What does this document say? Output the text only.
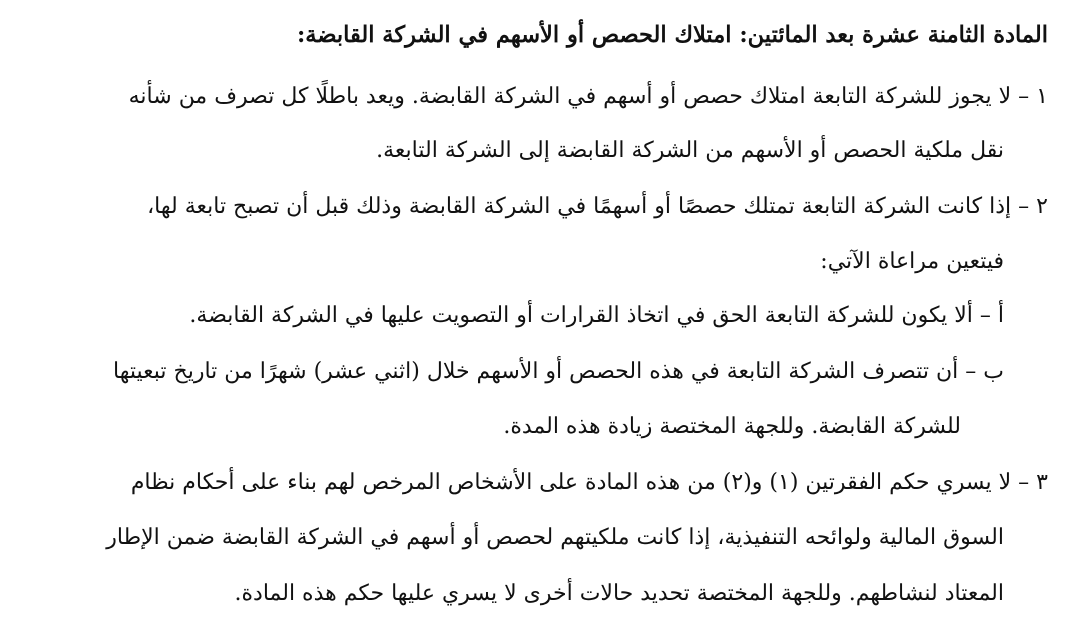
المادة الثامنة عشرة بعد المائتين: امتلاك الحصص أو الأسهم في الشركة القابضة:
١ – لا يجوز للشركة التابعة امتلاك حصص أو أسهم في الشركة القابضة. ويعد باطلًا كل تصرف من شأنه
نقل ملكية الحصص أو الأسهم من الشركة القابضة إلى الشركة التابعة.
٢ – إذا كانت الشركة التابعة تمتلك حصصًا أو أسهمًا في الشركة القابضة وذلك قبل أن تصبح تابعة لها،
فيتعين مراعاة الآتي:
أ – ألا يكون للشركة التابعة الحق في اتخاذ القرارات أو التصويت عليها في الشركة القابضة.
ب – أن تتصرف الشركة التابعة في هذه الحصص أو الأسهم خلال (اثني عشر) شهرًا من تاريخ تبعيتها
للشركة القابضة. وللجهة المختصة زيادة هذه المدة.
٣ – لا يسري حكم الفقرتين (١) و(٢) من هذه المادة على الأشخاص المرخص لهم بناء على أحكام نظام
السوق المالية ولوائحه التنفيذية، إذا كانت ملكيتهم لحصص أو أسهم في الشركة القابضة ضمن الإطار
المعتاد لنشاطهم. وللجهة المختصة تحديد حالات أخرى لا يسري عليها حكم هذه المادة.
